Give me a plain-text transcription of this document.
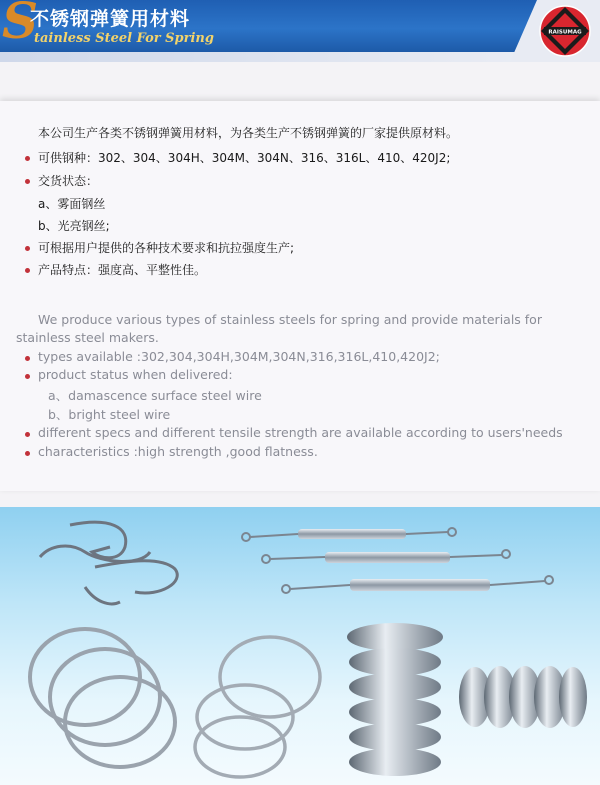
S
不锈钢弹簧用材料
tainless Steel For Spring	RAISUMAG
本公司生产各类不锈钢弹簧用材料，为各类生产不锈钢弹簧的厂家提供原材料。
可供钢种：302、304、304H、304M、304N、316、316L、410、420J2;
交货状态：
a、雾面钢丝
b、光亮钢丝;
可根据用户提供的各种技术要求和抗拉强度生产;
产品特点：强度高、平整性佳。
We produce various types of stainless steels for spring and provide materials for
stainless steel makers.
types available :302,304,304H,304M,304N,316,316L,410,420J2;
product status when delivered:
a、damascence surface steel wire
b、bright steel wire
different specs and different tensile strength are available according to users'needs
characteristics :high strength ,good flatness.
